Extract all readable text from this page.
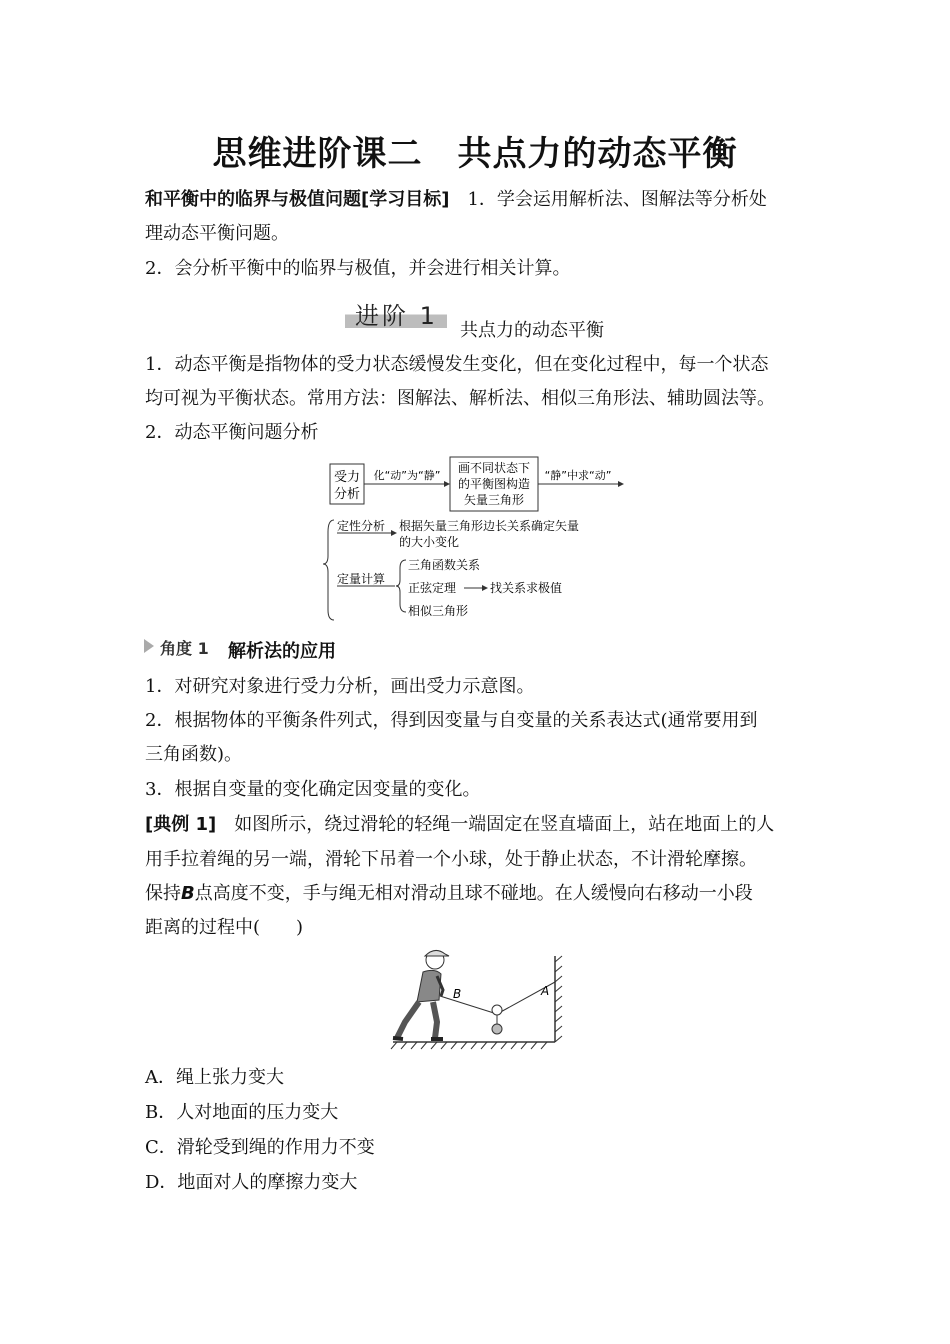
思维进阶课二　共点力的动态平衡
和平衡中的临界与极值问题[学习目标]　1．学会运用解析法、图解法等分析处
理动态平衡问题。
2．会分析平衡中的临界与极值，并会进行相关计算。
进阶 1
共点力的动态平衡
1．动态平衡是指物体的受力状态缓慢发生变化，但在变化过程中，每一个状态
均可视为平衡状态。常用方法：图解法、解析法、相似三角形法、辅助圆法等。
2．动态平衡问题分析
受力
分析
化“动”为“静”
画不同状态下
的平衡图构造
矢量三角形
“静”中求“动”
定性分析 根据矢量三角形边长关系确定矢量
的大小变化
定量计算
三角函数关系
正弦定理	找关系求极值
相似三角形
角度 1 解析法的应用
1．对研究对象进行受力分析，画出受力示意图。
2．根据物体的平衡条件列式，得到因变量与自变量的关系表达式(通常要用到
三角函数)。
3．根据自变量的变化确定因变量的变化。
[典例 1]　如图所示，绕过滑轮的轻绳一端固定在竖直墙面上，站在地面上的人
用手拉着绳的另一端，滑轮下吊着一个小球，处于静止状态，不计滑轮摩擦。
保持B点高度不变，手与绳无相对滑动且球不碰地。在人缓慢向右移动一小段
距离的过程中(　　)
B	A
A．绳上张力变大
B．人对地面的压力变大
C．滑轮受到绳的作用力不变
D．地面对人的摩擦力变大
